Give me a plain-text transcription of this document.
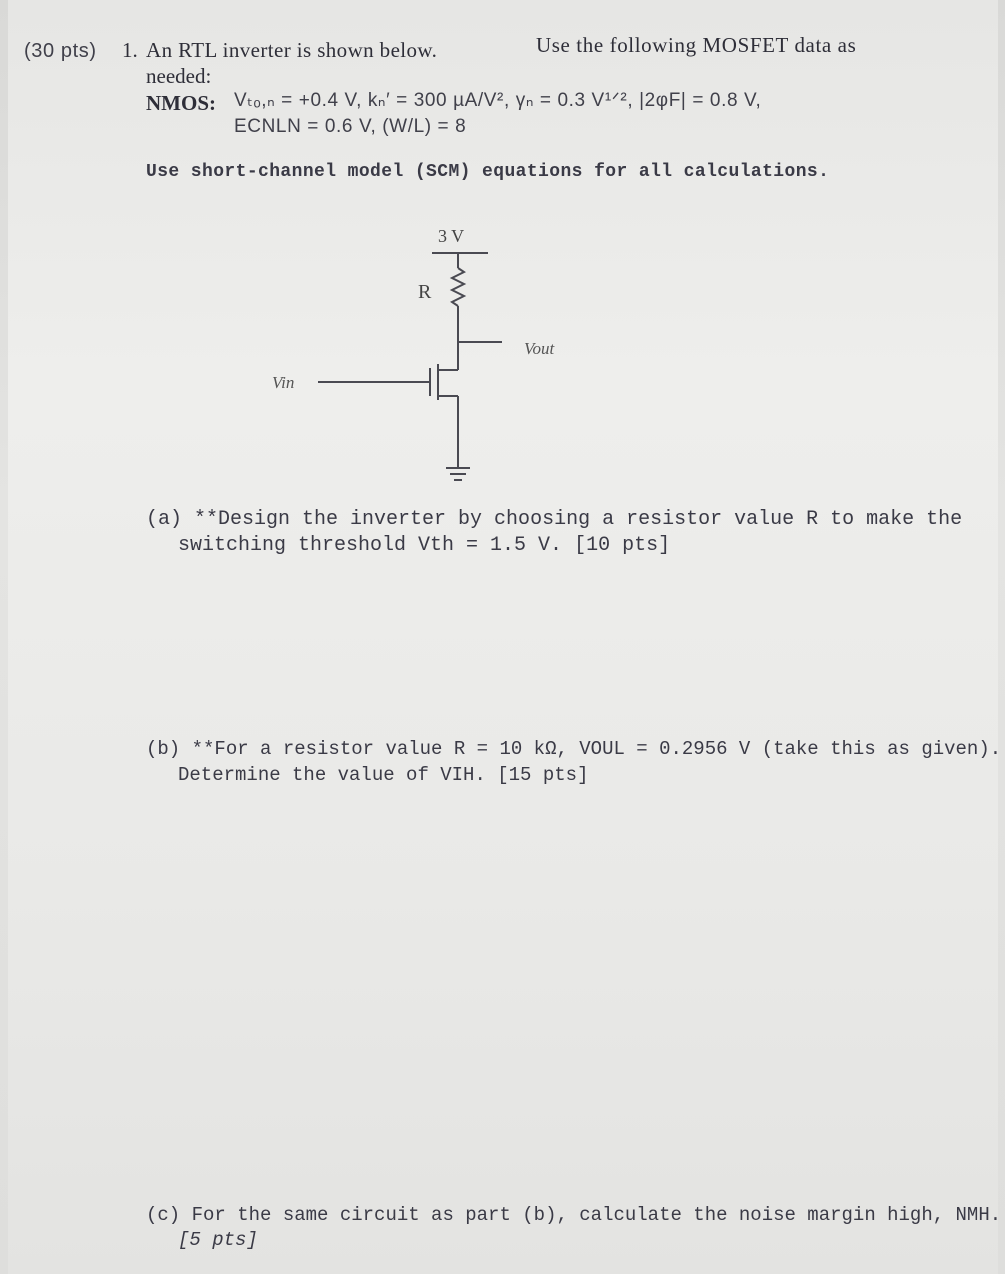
(30 pts) 1. An RTL inverter is shown below.	Use the following MOSFET data as
needed:
NMOS: Vₜₒ,ₙ = +0.4 V, kₙ′ = 300 µA/V², γₙ = 0.3 V¹ᐟ², |2φF| = 0.8 V,
ECNLN = 0.6 V, (W/L) = 8
Use short-channel model (SCM) equations for all calculations.
3 V
R
Vout
Vin
(a) **Design the inverter by choosing a resistor value R to make the
switching threshold Vth = 1.5 V. [10 pts]
(b) **For a resistor value R = 10 kΩ, VOUL = 0.2956 V (take this as given).
Determine the value of VIH. [15 pts]
(c) For the same circuit as part (b), calculate the noise margin high, NMH.
[5 pts]
